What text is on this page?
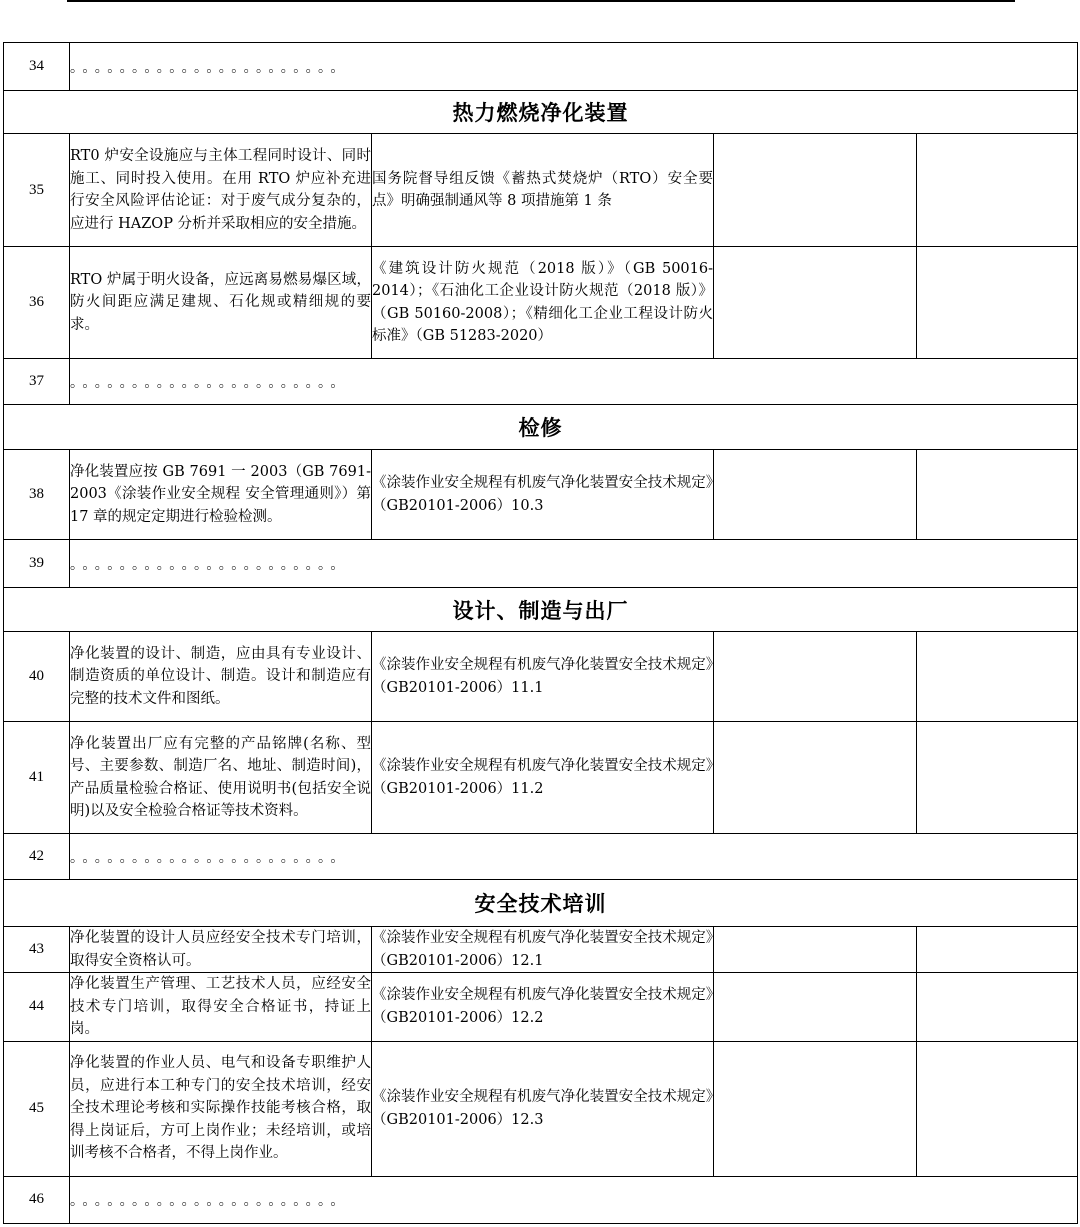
34	。。。。。。。。。。。。。。。。。。。。。。			
热力燃烧净化装置				
35	RT0 炉安全设施应与主体工程同时设计、同时施工、同时投入使用。在用 RTO 炉应补充进行安全风险评估论证：对于废气成分复杂的，应进行 HAZOP 分析并采取相应的安全措施。	国务院督导组反馈《蓄热式焚烧炉（RTO）安全要点》明确强制通风等 8 项措施第 1 条		
36	RTO 炉属于明火设备，应远离易燃易爆区域，防火间距应满足建规、石化规或精细规的要求。	《建筑设计防火规范（2018 版）》（GB 50016-2014）；《石油化工企业设计防火规范（2018 版）》（GB 50160-2008）；《精细化工企业工程设计防火标准》（GB 51283-2020）		
37	。。。。。。。。。。。。。。。。。。。。。。			
检修				
38	净化装置应按 GB 7691 一 2003（GB 7691-2003《涂装作业安全规程 安全管理通则》）第 17 章的规定定期进行检验检测。	《涂装作业安全规程有机废气净化装置安全技术规定》（GB20101-2006）10.3		
39	。。。。。。。。。。。。。。。。。。。。。。			
设计、制造与出厂				
40	净化装置的设计、制造，应由具有专业设计、制造资质的单位设计、制造。设计和制造应有完整的技术文件和图纸。	《涂装作业安全规程有机废气净化装置安全技术规定》（GB20101-2006）11.1		
41	净化装置出厂应有完整的产品铭牌(名称、型号、主要参数、制造厂名、地址、制造时间)，产品质量检验合格证、使用说明书(包括安全说明)以及安全检验合格证等技术资料。	《涂装作业安全规程有机废气净化装置安全技术规定》（GB20101-2006）11.2		
42	。。。。。。。。。。。。。。。。。。。。。。			
安全技术培训				
43	净化装置的设计人员应经安全技术专门培训，取得安全资格认可。	《涂装作业安全规程有机废气净化装置安全技术规定》（GB20101-2006）12.1		
44	净化装置生产管理、工艺技术人员，应经安全技术专门培训，取得安全合格证书，持证上岗。	《涂装作业安全规程有机废气净化装置安全技术规定》（GB20101-2006）12.2		
45	净化装置的作业人员、电气和设备专职维护人员，应进行本工种专门的安全技术培训，经安全技术理论考核和实际操作技能考核合格，取得上岗证后，方可上岗作业；未经培训，或培训考核不合格者，不得上岗作业。	《涂装作业安全规程有机废气净化装置安全技术规定》（GB20101-2006）12.3		
46	。。。。。。。。。。。。。。。。。。。。。。			
